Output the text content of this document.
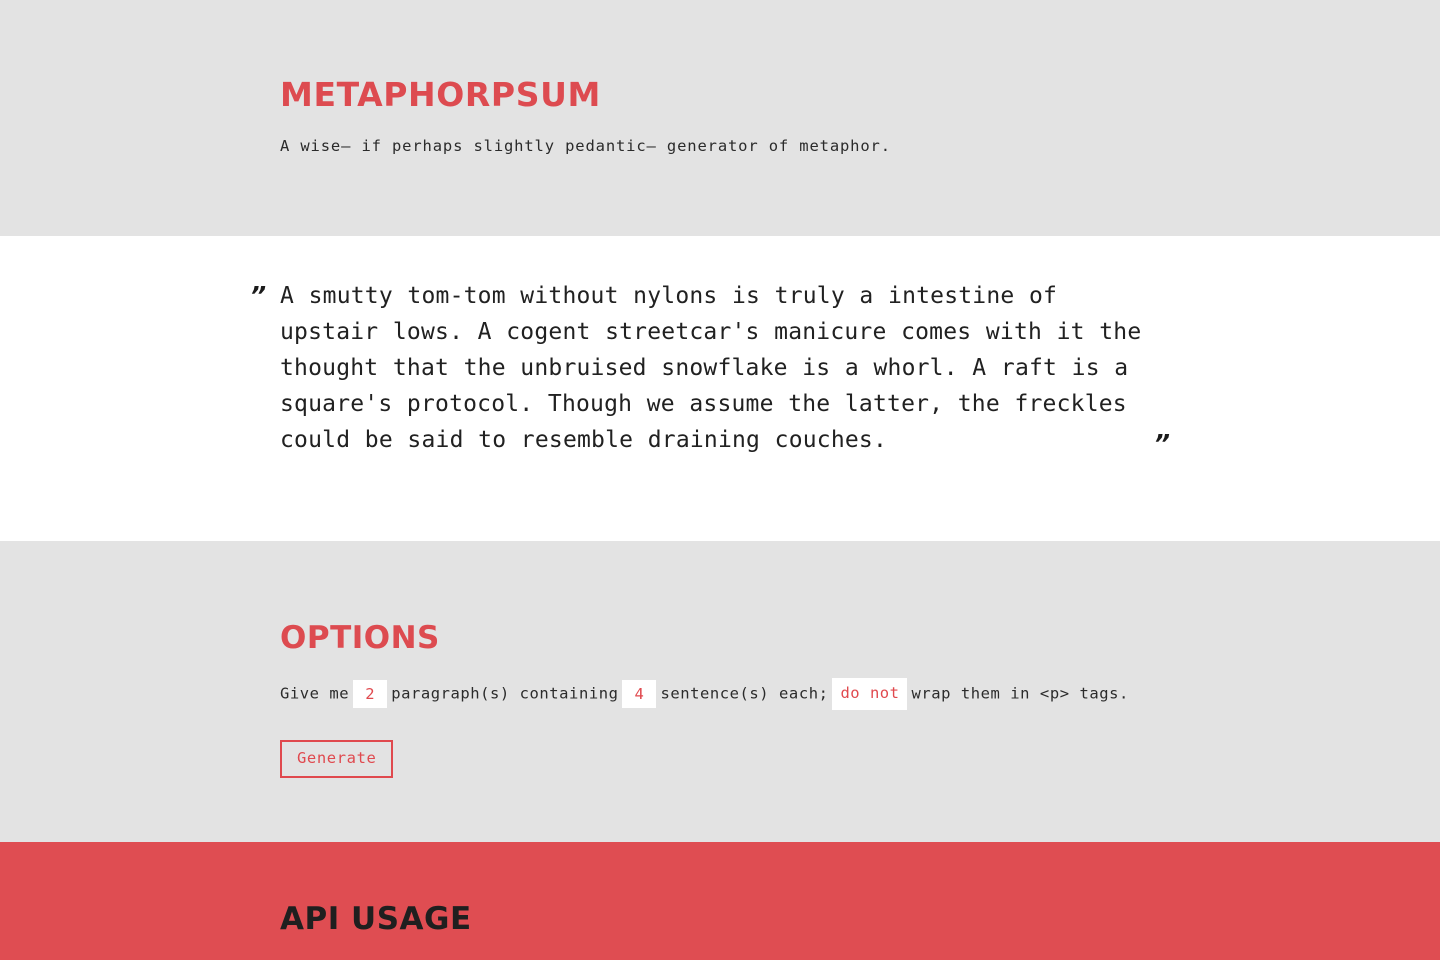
METAPHORPSUM

A wise– if perhaps slightly pedantic– generator of metaphor.

” A smutty tom-tom without nylons is truly a intestine of upstair lows. A cogent streetcar's manicure comes with it the thought that the unbruised snowflake is a whorl. A raft is a square's protocol. Though we assume the latter, the freckles could be said to resemble draining couches.	”
OPTIONS
Give me2	paragraph(s) containing4	sentence(s) each; do not wrap them in <p> tags.
Generate
API USAGE
